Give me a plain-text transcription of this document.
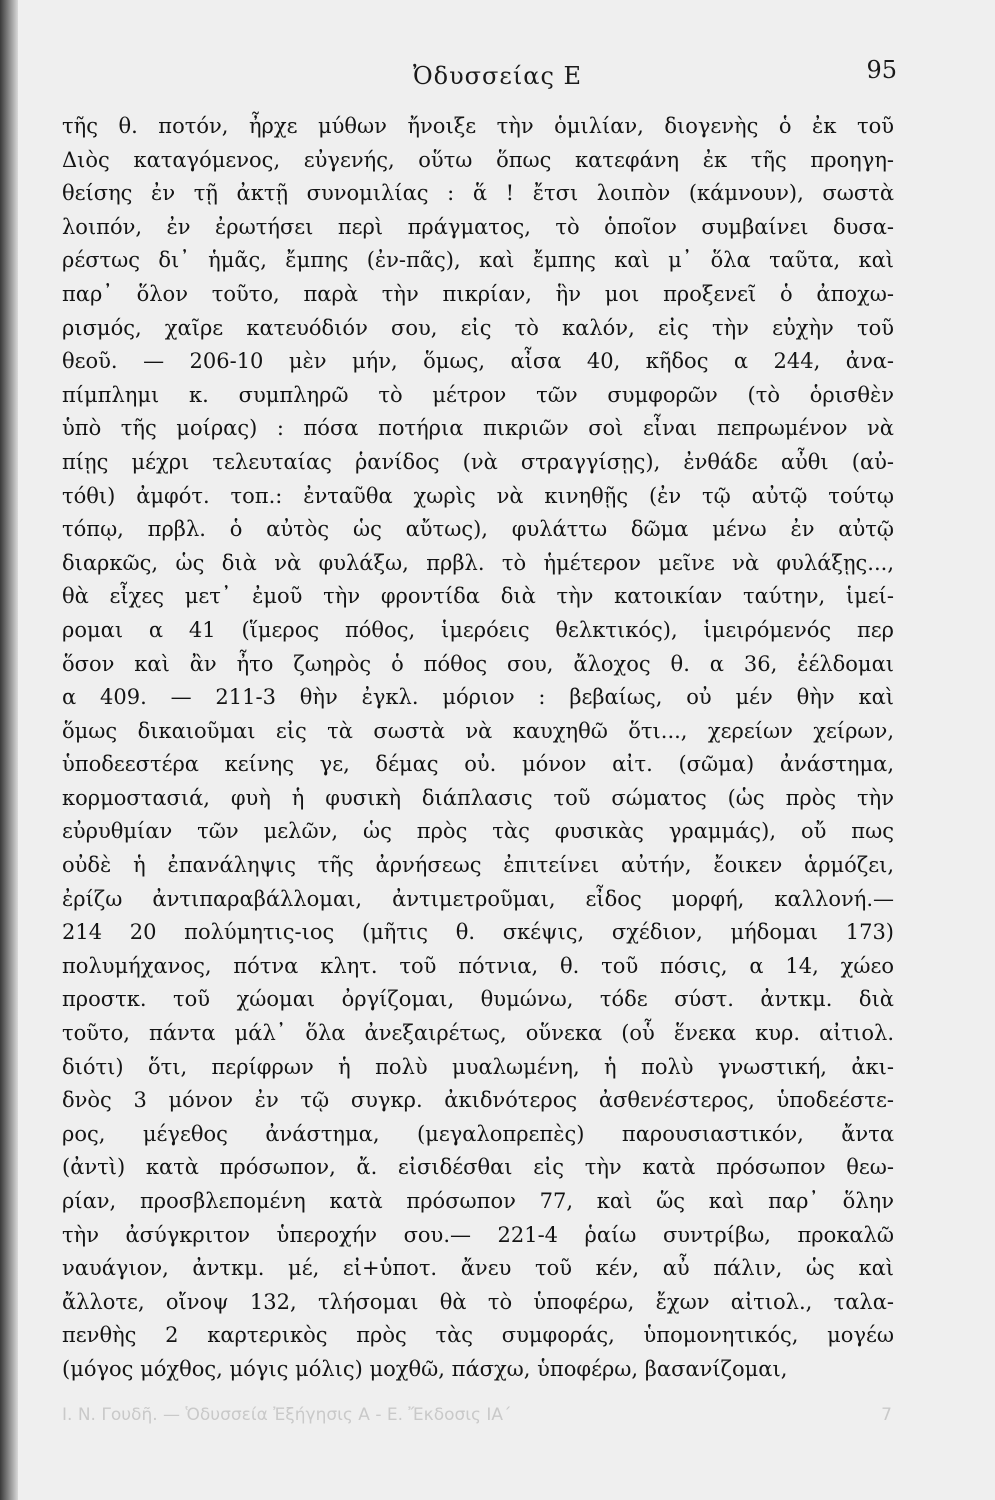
Ὀδυσσείας Ε	95
τῆς θ. ποτόν, ἦρχε μύθων ἤνοιξε τὴν ὁμιλίαν, διογενὴς ὁ ἐκ τοῦ
Διὸς καταγόμενος, εὐγενής, οὕτω ὅπως κατεφάνη ἐκ τῆς προηγη-
θείσης ἐν τῇ ἀκτῇ συνομιλίας : ἅ ! ἔτσι λοιπὸν (κάμνουν), σωστὰ
λοιπόν, ἐν ἐρωτήσει περὶ πράγματος, τὸ ὁποῖον συμβαίνει δυσα-
ρέστως δι᾽ ἡμᾶς, ἔμπης (ἐν-πᾶς), καὶ ἔμπης καὶ μ᾽ ὅλα ταῦτα, καὶ
παρ᾽ ὅλον τοῦτο, παρὰ τὴν πικρίαν, ἣν μοι προξενεῖ ὁ ἀποχω-
ρισμός, χαῖρε κατευόδιόν σου, εἰς τὸ καλόν, εἰς τὴν εὐχὴν τοῦ
θεοῦ. — 206-10 μὲν μήν, ὅμως, αἶσα 40, κῆδος α 244, ἀνα-
πίμπλημι κ. συμπληρῶ τὸ μέτρον τῶν συμφορῶν (τὸ ὁρισθὲν
ὑπὸ τῆς μοίρας) : πόσα ποτήρια πικριῶν σοὶ εἶναι πεπρωμένον νὰ
πίῃς μέχρι τελευταίας ῥανίδος (νὰ στραγγίσῃς), ἐνθάδε αὖθι (αὐ-
τόθι) ἀμφότ. τοπ.: ἐνταῦθα χωρὶς νὰ κινηθῇς (ἐν τῷ αὐτῷ τούτῳ
τόπῳ, πρβλ. ὁ αὐτὸς ὡς αὔτως), φυλάττω δῶμα μένω ἐν αὐτῷ
διαρκῶς, ὡς διὰ νὰ φυλάξω, πρβλ. τὸ ἡμέτερον μεῖνε νὰ φυλάξῃς...,
θὰ εἶχες μετ᾽ ἐμοῦ τὴν φροντίδα διὰ τὴν κατοικίαν ταύτην, ἱμεί-
ρομαι α 41 (ἵμερος πόθος, ἱμερόεις θελκτικός), ἱμειρόμενός περ
ὅσον καὶ ἂν ἦτο ζωηρὸς ὁ πόθος σου, ἄλοχος θ. α 36, ἐέλδομαι
α 409. — 211-3 θὴν ἐγκλ. μόριον : βεβαίως, οὐ μέν θὴν καὶ
ὅμως δικαιοῦμαι εἰς τὰ σωστὰ νὰ καυχηθῶ ὅτι..., χερείων χείρων,
ὑποδεεστέρα κείνης γε, δέμας οὐ. μόνον αἰτ. (σῶμα) ἀνάστημα,
κορμοστασιά, φυὴ ἡ φυσικὴ διάπλασις τοῦ σώματος (ὡς πρὸς τὴν
εὐρυθμίαν τῶν μελῶν, ὡς πρὸς τὰς φυσικὰς γραμμάς), οὔ πως
οὐδὲ ἡ ἐπανάληψις τῆς ἀρνήσεως ἐπιτείνει αὐτήν, ἔοικεν ἁρμόζει,
ἐρίζω ἀντιπαραβάλλομαι, ἀντιμετροῦμαι, εἶδος μορφή, καλλονή.—
214 20 πολύμητις-ιος (μῆτις θ. σκέψις, σχέδιον, μήδομαι 173)
πολυμήχανος, πότνα κλητ. τοῦ πότνια, θ. τοῦ πόσις, α 14, χώεο
προστκ. τοῦ χώομαι ὀργίζομαι, θυμώνω, τόδε σύστ. ἀντκμ. διὰ
τοῦτο, πάντα μάλ᾽ ὅλα ἀνεξαιρέτως, οὕνεκα (οὗ ἕνεκα κυρ. αἰτιολ.
διότι) ὅτι, περίφρων ἡ πολὺ μυαλωμένη, ἡ πολὺ γνωστική, ἀκι-
δνὸς 3 μόνον ἐν τῷ συγκρ. ἀκιδνότερος ἀσθενέστερος, ὑποδεέστε-
ρος, μέγεθος ἀνάστημα, (μεγαλοπρεπὲς) παρουσιαστικόν, ἄντα
(ἀντὶ) κατὰ πρόσωπον, ἄ. εἰσιδέσθαι εἰς τὴν κατὰ πρόσωπον θεω-
ρίαν, προσβλεπομένη κατὰ πρόσωπον 77, καὶ ὥς καὶ παρ᾽ ὅλην
τὴν ἀσύγκριτον ὑπεροχήν σου.— 221-4 ῥαίω συντρίβω, προκαλῶ
ναυάγιον, ἀντκμ. μέ, εἰ+ὑποτ. ἄνευ τοῦ κέν, αὖ πάλιν, ὡς καὶ
ἄλλοτε, οἴνοψ 132, τλήσομαι θὰ τὸ ὑποφέρω, ἔχων αἰτιολ., ταλα-
πενθὴς 2 καρτερικὸς πρὸς τὰς συμφοράς, ὑπομονητικός, μογέω
(μόγος μόχθος, μόγις μόλις) μοχθῶ, πάσχω, ὑποφέρω, βασανίζομαι,
Ι. Ν. Γουδῆ. — Ὁδυσσεία Ἐξήγησις Α - Ε. Ἔκδοσις ΙΑ΄	7
